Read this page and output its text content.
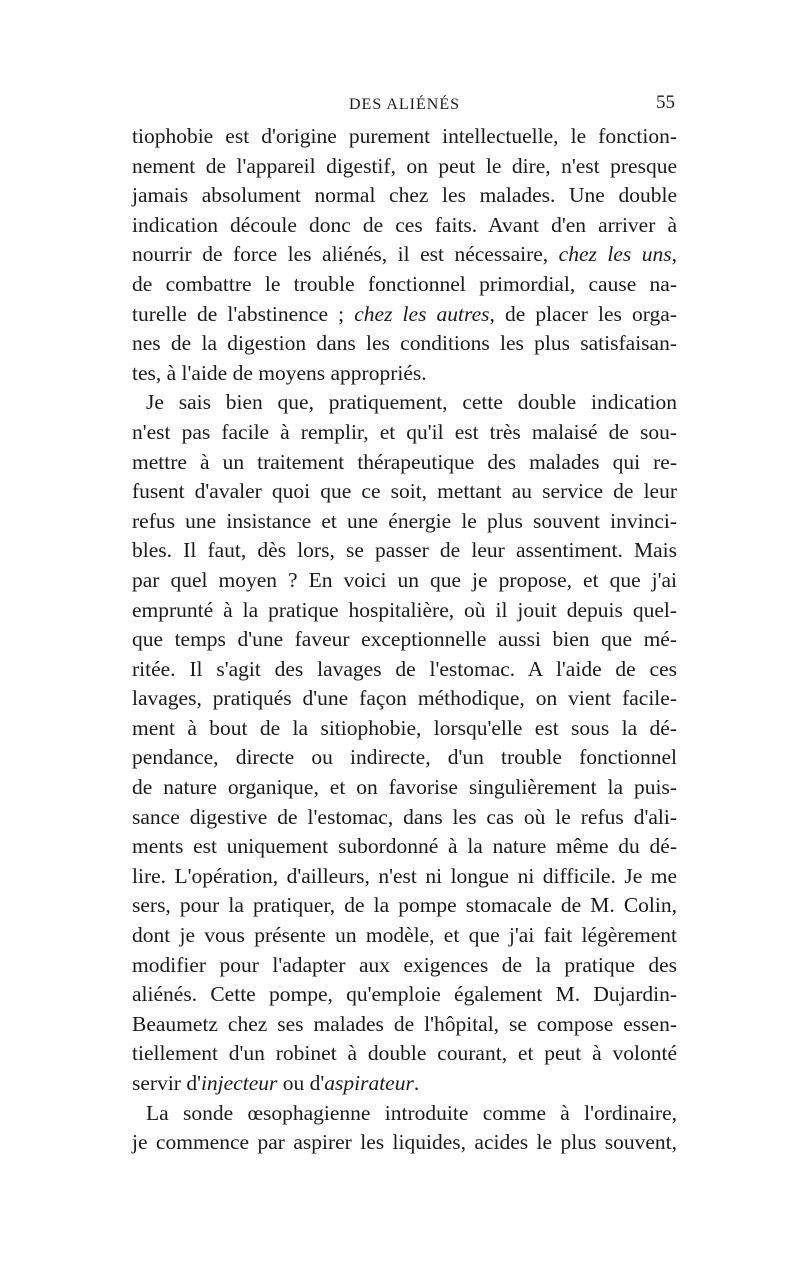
DES ALIÉNÉS	55
tiophobie est d'origine purement intellectuelle, le fonction-
nement de l'appareil digestif, on peut le dire, n'est presque
jamais absolument normal chez les malades. Une double
indication découle donc de ces faits. Avant d'en arriver à
nourrir de force les aliénés, il est nécessaire, chez les uns,
de combattre le trouble fonctionnel primordial, cause na-
turelle de l'abstinence ; chez les autres, de placer les orga-
nes de la digestion dans les conditions les plus satisfaisan-
tes, à l'aide de moyens appropriés.
Je sais bien que, pratiquement, cette double indication
n'est pas facile à remplir, et qu'il est très malaisé de sou-
mettre à un traitement thérapeutique des malades qui re-
fusent d'avaler quoi que ce soit, mettant au service de leur
refus une insistance et une énergie le plus souvent invinci-
bles. Il faut, dès lors, se passer de leur assentiment. Mais
par quel moyen ? En voici un que je propose, et que j'ai
emprunté à la pratique hospitalière, où il jouit depuis quel-
que temps d'une faveur exceptionnelle aussi bien que mé-
ritée. Il s'agit des lavages de l'estomac. A l'aide de ces
lavages, pratiqués d'une façon méthodique, on vient facile-
ment à bout de la sitiophobie, lorsqu'elle est sous la dé-
pendance, directe ou indirecte, d'un trouble fonctionnel
de nature organique, et on favorise singulièrement la puis-
sance digestive de l'estomac, dans les cas où le refus d'ali-
ments est uniquement subordonné à la nature même du dé-
lire. L'opération, d'ailleurs, n'est ni longue ni difficile. Je me
sers, pour la pratiquer, de la pompe stomacale de M. Colin,
dont je vous présente un modèle, et que j'ai fait légèrement
modifier pour l'adapter aux exigences de la pratique des
aliénés. Cette pompe, qu'emploie également M. Dujardin-
Beaumetz chez ses malades de l'hôpital, se compose essen-
tiellement d'un robinet à double courant, et peut à volonté
servir d'injecteur ou d'aspirateur.
La sonde œsophagienne introduite comme à l'ordinaire,
je commence par aspirer les liquides, acides le plus souvent,
